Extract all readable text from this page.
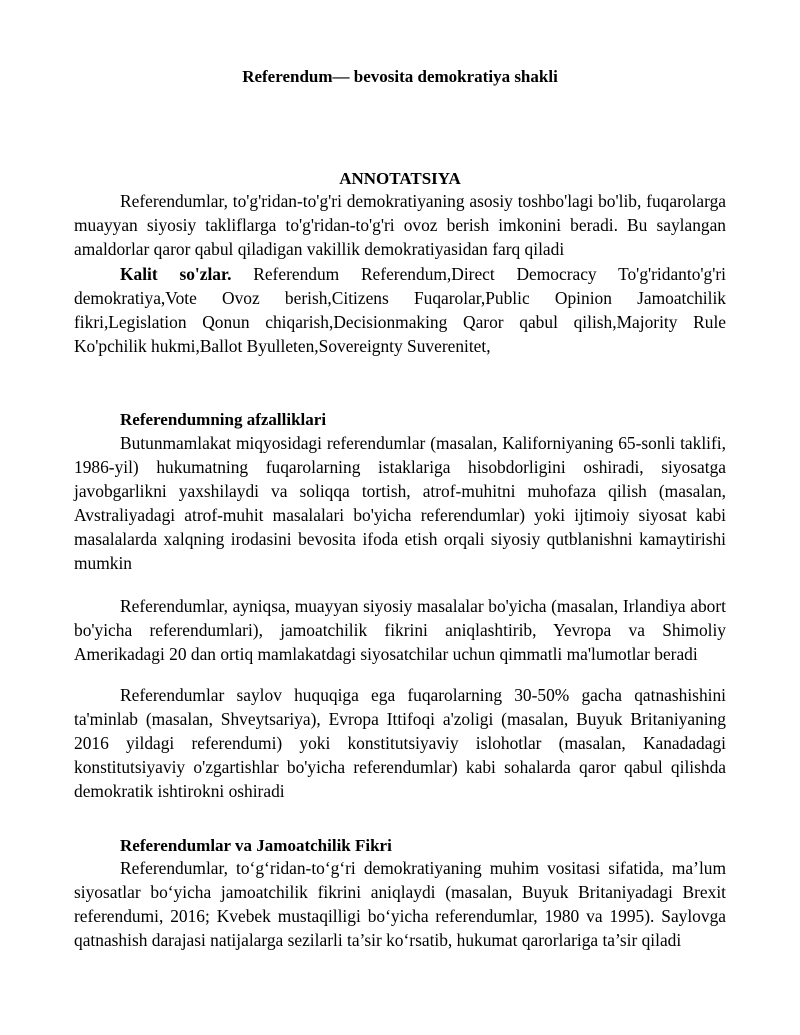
Referendum— bevosita demokratiya shakli
ANNOTATSIYA

Referendumlar, to'g'ridan-to'g'ri demokratiyaning asosiy toshbo'lagi bo'lib, fuqarolarga muayyan siyosiy takliflarga to'g'ridan-to'g'ri ovoz berish imkonini beradi. Bu saylangan amaldorlar qaror qabul qiladigan vakillik demokratiyasidan farq qiladi

Kalit so'zlar. Referendum Referendum,Direct Democracy To'g'ridanto'g'ri demokratiya,Vote Ovoz berish,Citizens Fuqarolar,Public Opinion Jamoatchilik fikri,Legislation Qonun chiqarish,Decisionmaking Qaror qabul qilish,Majority Rule Ko'pchilik hukmi,Ballot Byulleten,Sovereignty Suverenitet,

Referendumning afzalliklari

Butunmamlakat miqyosidagi referendumlar (masalan, Kaliforniyaning 65-sonli taklifi, 1986-yil) hukumatning fuqarolarning istaklariga hisobdorligini oshiradi, siyosatga javobgarlikni yaxshilaydi va soliqqa tortish, atrof-muhitni muhofaza qilish (masalan, Avstraliyadagi atrof-muhit masalalari bo'yicha referendumlar) yoki ijtimoiy siyosat kabi masalalarda xalqning irodasini bevosita ifoda etish orqali siyosiy qutblanishni kamaytirishi mumkin

Referendumlar, ayniqsa, muayyan siyosiy masalalar bo'yicha (masalan, Irlandiya abort bo'yicha referendumlari), jamoatchilik fikrini aniqlashtirib, Yevropa va Shimoliy Amerikadagi 20 dan ortiq mamlakatdagi siyosatchilar uchun qimmatli ma'lumotlar beradi

Referendumlar saylov huquqiga ega fuqarolarning 30-50% gacha qatnashishini ta'minlab (masalan, Shveytsariya), Evropa Ittifoqi a'zoligi (masalan, Buyuk Britaniyaning 2016 yildagi referendumi) yoki konstitutsiyaviy islohotlar (masalan, Kanadadagi konstitutsiyaviy o'zgartishlar bo'yicha referendumlar) kabi sohalarda qaror qabul qilishda demokratik ishtirokni oshiradi

Referendumlar va Jamoatchilik Fikri

Referendumlar, to‘g‘ridan-to‘g‘ri demokratiyaning muhim vositasi sifatida, ma’lum siyosatlar bo‘yicha jamoatchilik fikrini aniqlaydi (masalan, Buyuk Britaniyadagi Brexit referendumi, 2016; Kvebek mustaqilligi bo‘yicha referendumlar, 1980 va 1995). Saylovga qatnashish darajasi natijalarga sezilarli ta’sir ko‘rsatib, hukumat qarorlariga ta’sir qiladi
